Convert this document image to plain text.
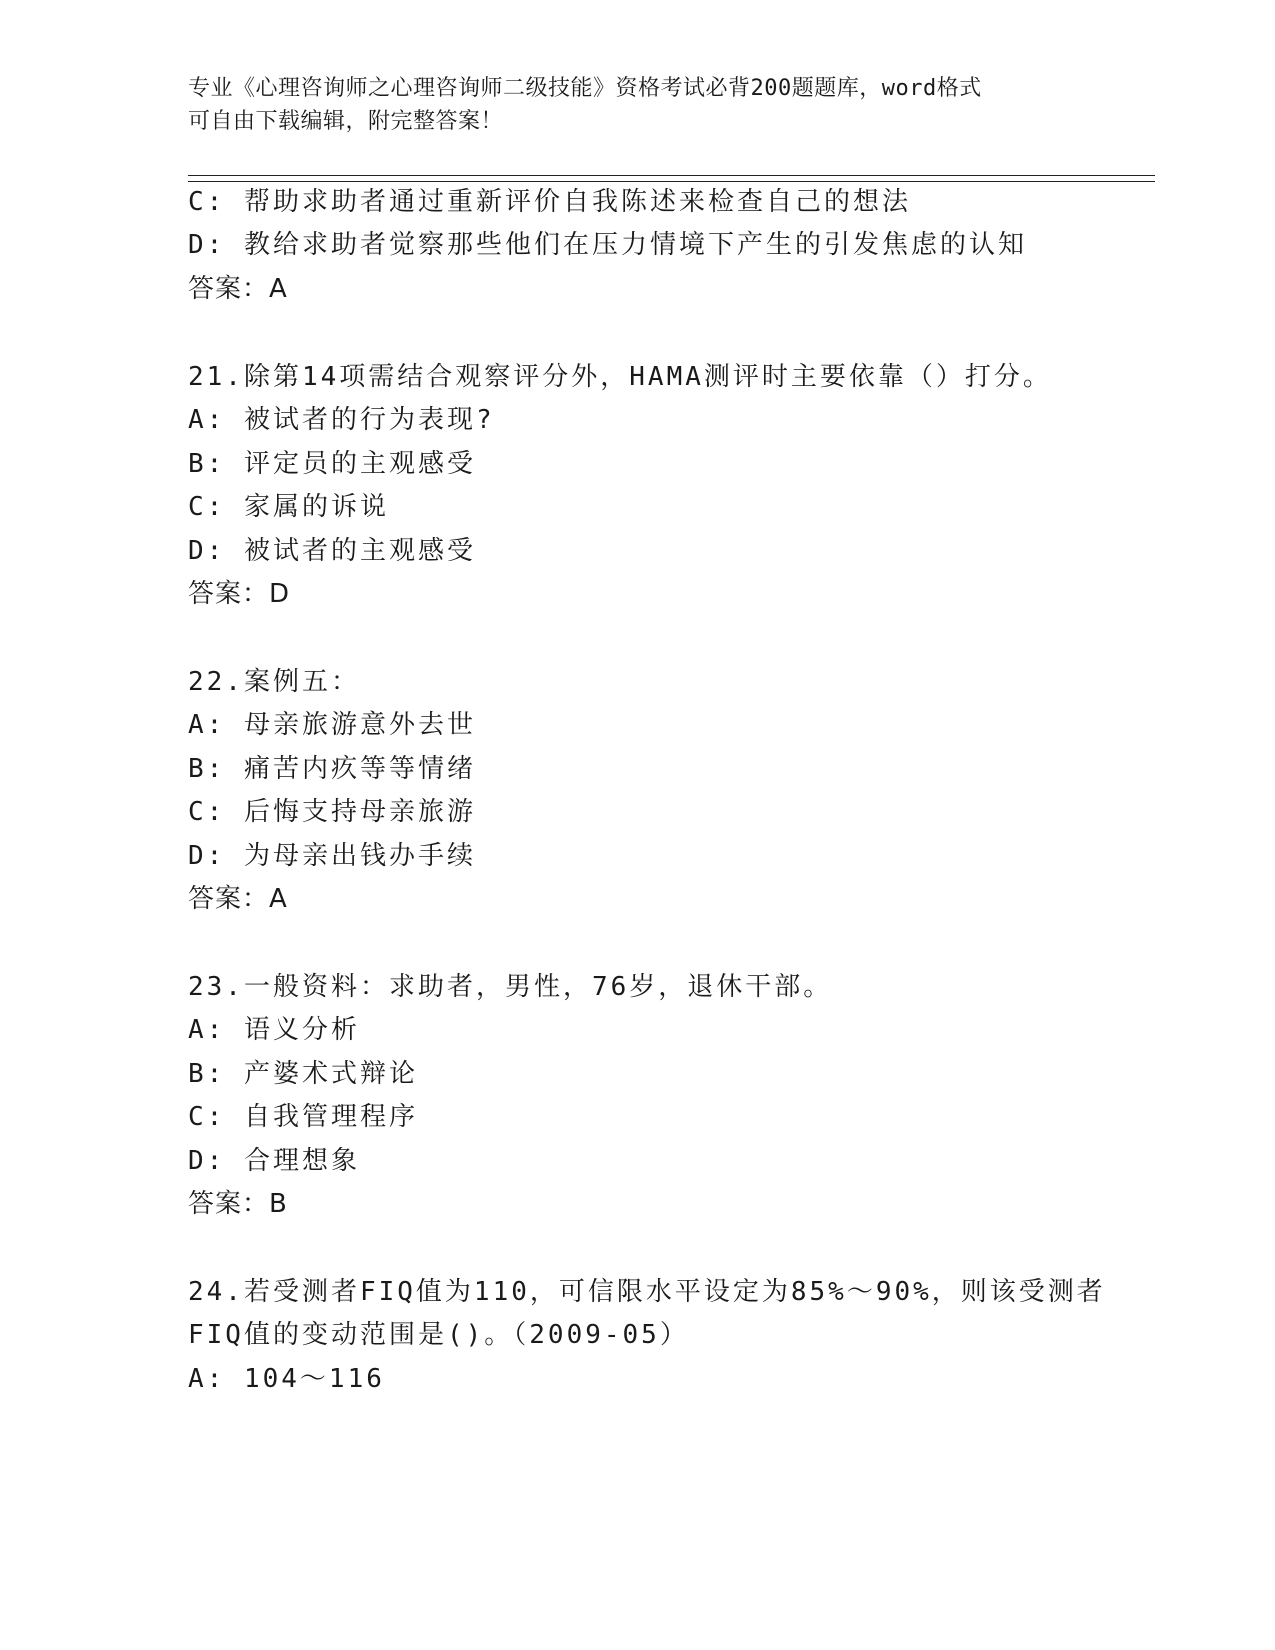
专业《心理咨询师之心理咨询师二级技能》资格考试必背200题题库，word格式
可自由下载编辑，附完整答案！
C: 帮助求助者通过重新评价自我陈述来检查自己的想法
D: 教给求助者觉察那些他们在压力情境下产生的引发焦虑的认知
答案：A
21.除第14项需结合观察评分外，HAMA测评时主要依靠（）打分。
A: 被试者的行为表现?
B: 评定员的主观感受
C: 家属的诉说
D: 被试者的主观感受
答案：D
22.案例五：
A: 母亲旅游意外去世
B: 痛苦内疚等等情绪
C: 后悔支持母亲旅游
D: 为母亲出钱办手续
答案：A
23.一般资料：求助者，男性，76岁，退休干部。
A: 语义分析
B: 产婆术式辩论
C: 自我管理程序
D: 合理想象
答案：B
24.若受测者FIQ值为110，可信限水平设定为85%～90%，则该受测者
FIQ值的变动范围是()。（2009-05）
A: 104～116
